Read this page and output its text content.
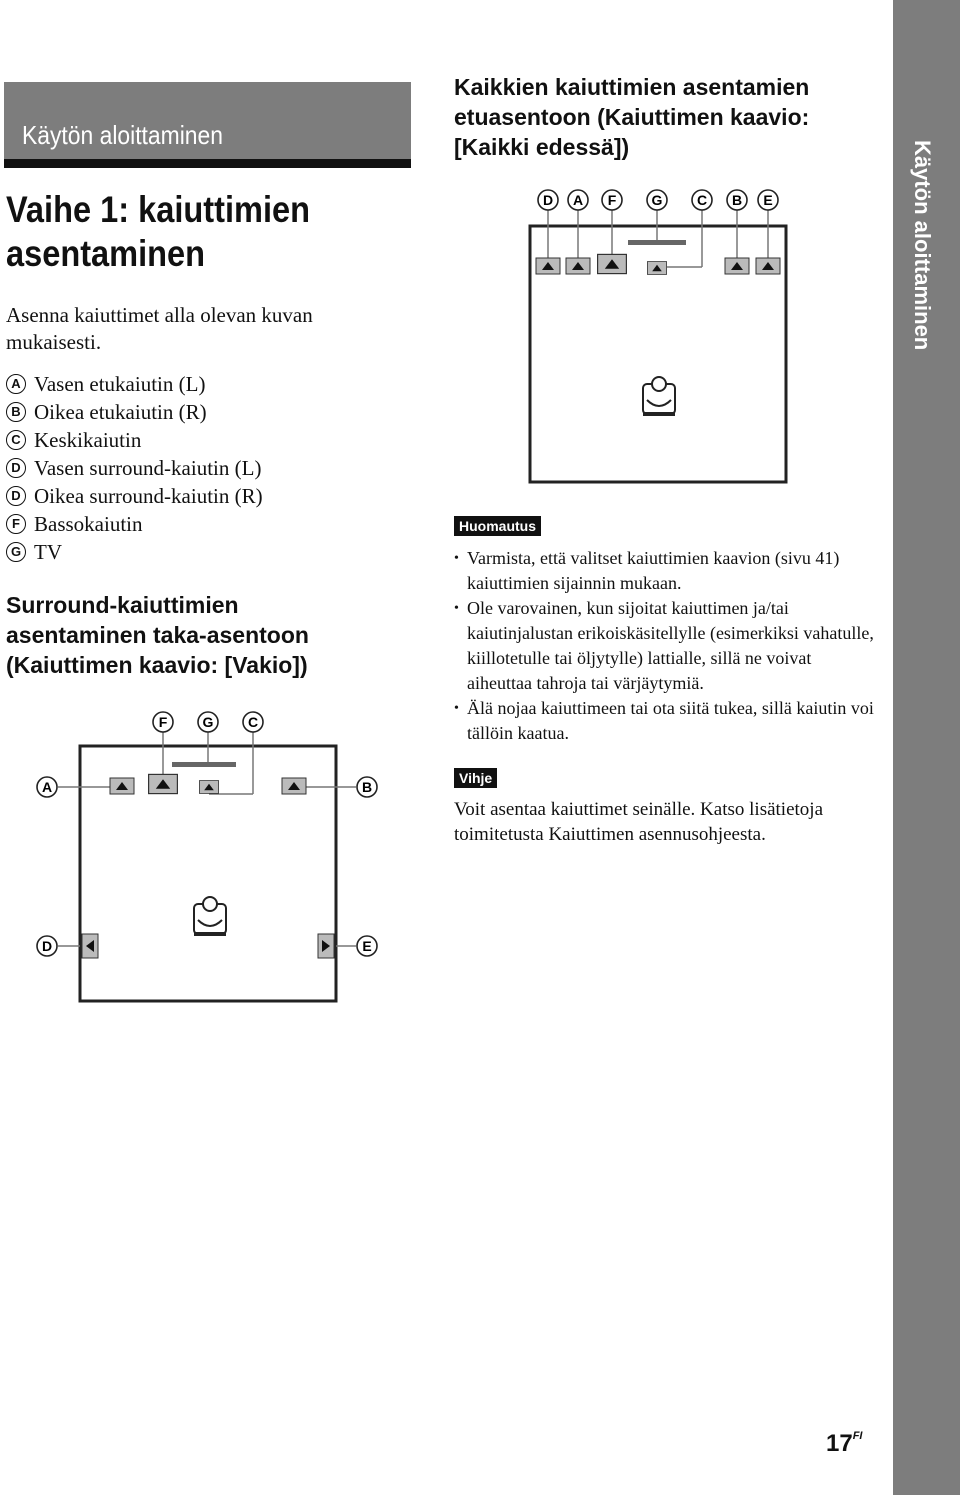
Käytön aloittaminen
Vaihe 1: kaiuttimien
asentaminen
Asenna kaiuttimet alla olevan kuvan mukaisesti.
A Vasen etukaiutin (L)
B Oikea etukaiutin (R)
C Keskikaiutin
D Vasen surround-kaiutin (L)
D Oikea surround-kaiutin (R)
F Bassokaiutin
G TV
Surround-kaiuttimien
asentaminen taka-asentoon
(Kaiuttimen kaavio: [Vakio])
F	G C
A	B
D	E
Kaikkien kaiuttimien asentamien
etuasentoon (Kaiuttimen kaavio:
[Kaikki edessä])
D A F	G C B E
Huomautus
• Varmista, että valitset kaiuttimien kaavion (sivu 41) kaiuttimien sijainnin mukaan.
• Ole varovainen, kun sijoitat kaiuttimen ja/tai kaiutinjalustan erikoiskäsitellylle (esimerkiksi vahatulle, kiillotetulle tai öljytylle) lattialle, sillä ne voivat aiheuttaa tahroja tai värjäytymiä.
• Älä nojaa kaiuttimeen tai ota siitä tukea, sillä kaiutin voi tällöin kaatua.
Vihje
Voit asentaa kaiuttimet seinälle. Katso lisätietoja toimitetusta Kaiuttimen asennusohjeesta.
Käytön aloittaminen
$17^{FI}$
